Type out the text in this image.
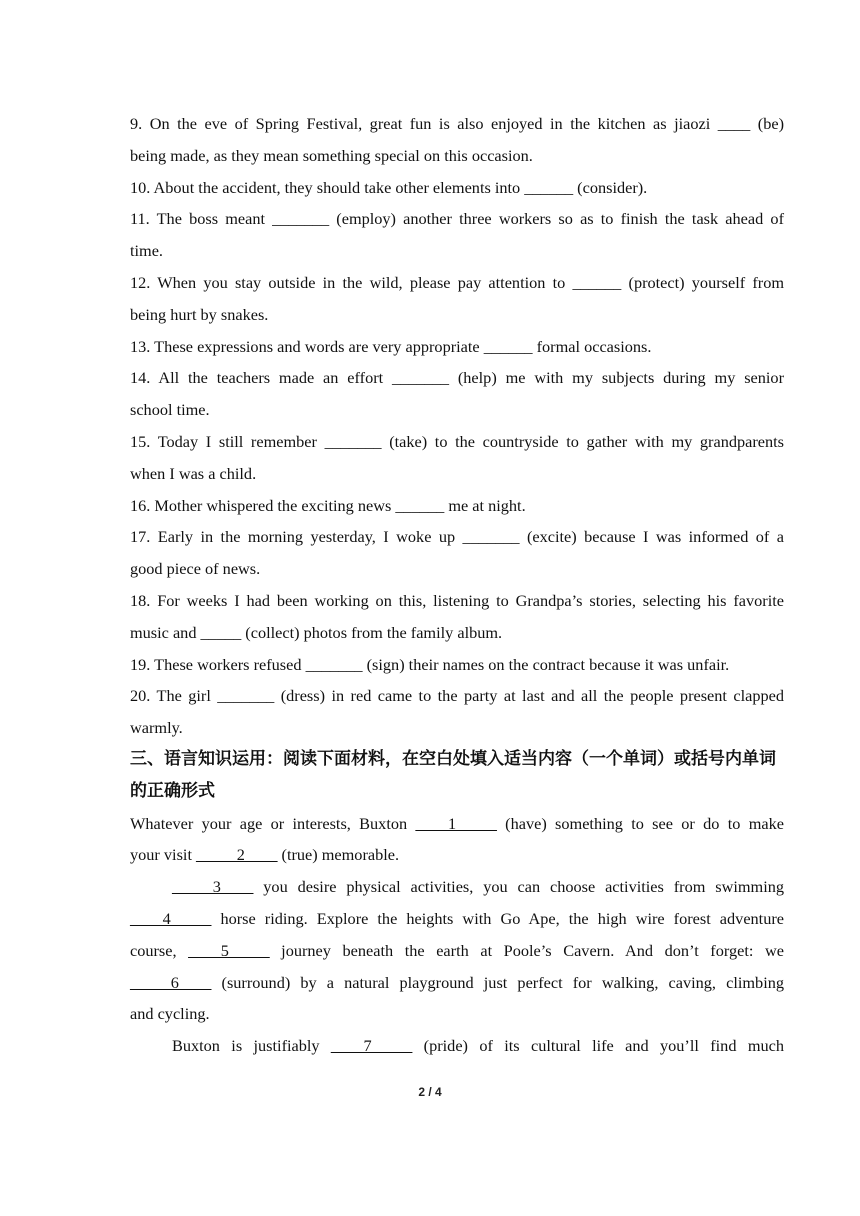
9. On the eve of Spring Festival, great fun is also enjoyed in the kitchen as jiaozi ____ (be)

being made, as they mean something special on this occasion.

10. About the accident, they should take other elements into ______ (consider).

11. The boss meant _______ (employ) another three workers so as to finish the task ahead of

time.

12. When you stay outside in the wild, please pay attention to ______ (protect) yourself from

being hurt by snakes.

13. These expressions and words are very appropriate ______ formal occasions.

14. All the teachers made an effort _______ (help) me with my subjects during my senior

school time.

15. Today I still remember _______ (take) to the countryside to gather with my grandparents

when I was a child.

16. Mother whispered the exciting news ______ me at night.

17. Early in the morning yesterday, I woke up _______ (excite) because I was informed of a

good piece of news.

18. For weeks I had been working on this, listening to Grandpa’s stories, selecting his favorite

music and _____ (collect) photos from the family album.

19. These workers refused _______ (sign) their names on the contract because it was unfair.

20. The girl _______ (dress) in red came to the party at last and all the people present clapped

warmly.

三、语言知识运用：阅读下面材料，在空白处填入适当内容（一个单词）或括号内单词

的正确形式

Whatever your age or interests, Buxton ____1_____ (have) something to see or do to make

your visit _____2____ (true) memorable.

_____3____ you desire physical activities, you can choose activities from swimming

____4_____ horse riding. Explore the heights with Go Ape, the high wire forest adventure

course, ____5_____ journey beneath the earth at Poole’s Cavern. And don’t forget: we

_____6____ (surround) by a natural playground just perfect for walking, caving, climbing

and cycling.

Buxton is justifiably ____7_____ (pride) of its cultural life and you’ll find much

2 / 4
